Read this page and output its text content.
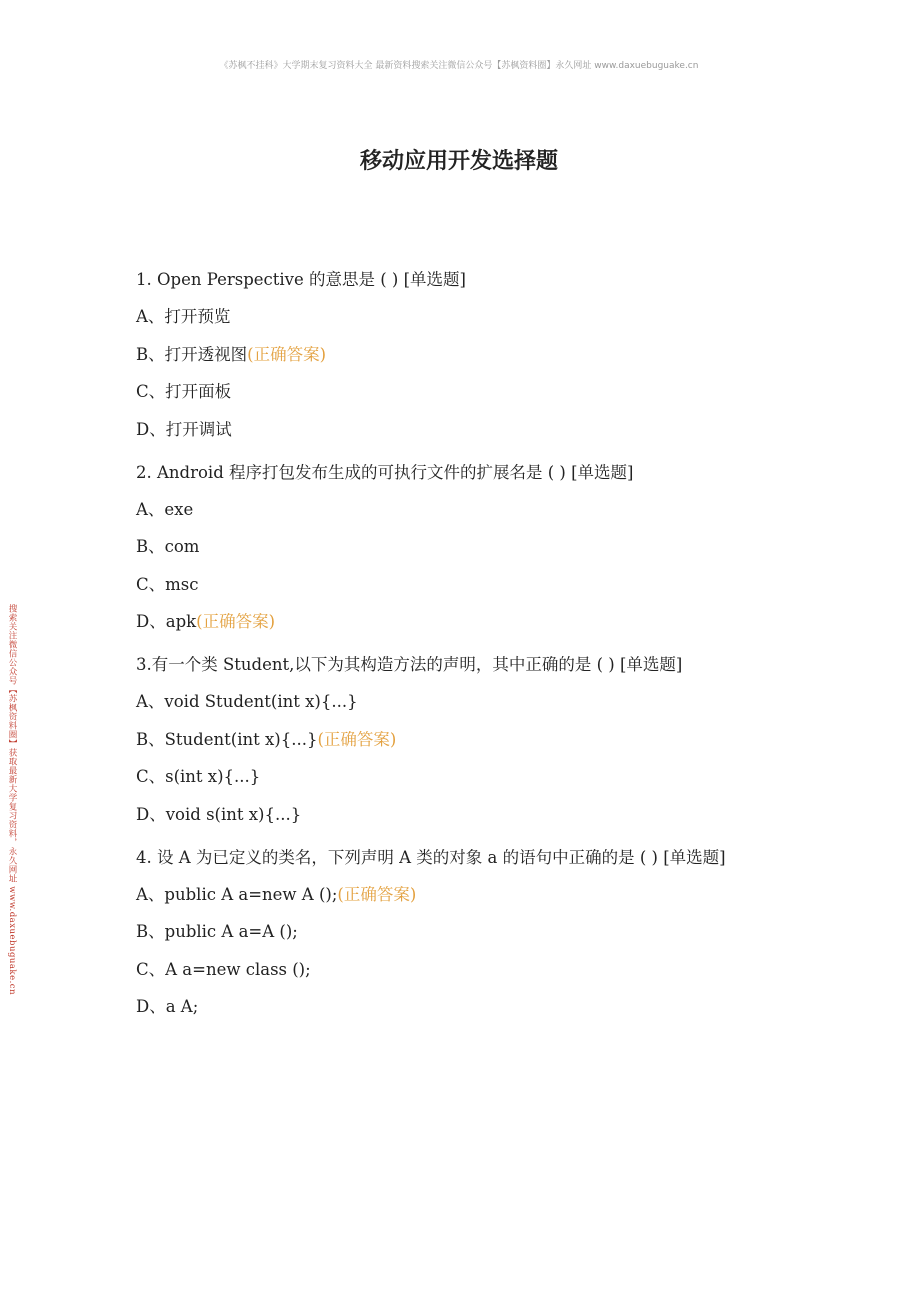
《苏枫不挂科》大学期末复习资料大全 最新资料搜索关注微信公众号【苏枫资料圈】永久网址 www.daxuebuguake.cn
移动应用开发选择题
搜索关注微信公众号【苏枫资料圈】获取最新大学复习资料，永久网址 www.daxuebuguake.cn
1. Open Perspective 的意思是 ( ) [单选题]
A、打开预览
B、打开透视图(正确答案)
C、打开面板
D、打开调试
2. Android 程序打包发布生成的可执行文件的扩展名是 ( ) [单选题]
A、exe
B、com
C、msc
D、apk(正确答案)
3.有一个类 Student,以下为其构造方法的声明，其中正确的是 ( ) [单选题]
A、void Student(int x){...}
B、Student(int x){...}(正确答案)
C、s(int x){...}
D、void s(int x){...}
4. 设 A 为已定义的类名，下列声明 A 类的对象 a 的语句中正确的是 ( ) [单选题]
A、public A a=new A ();(正确答案)
B、public A a=A ();
C、A a=new class ();
D、a A;
